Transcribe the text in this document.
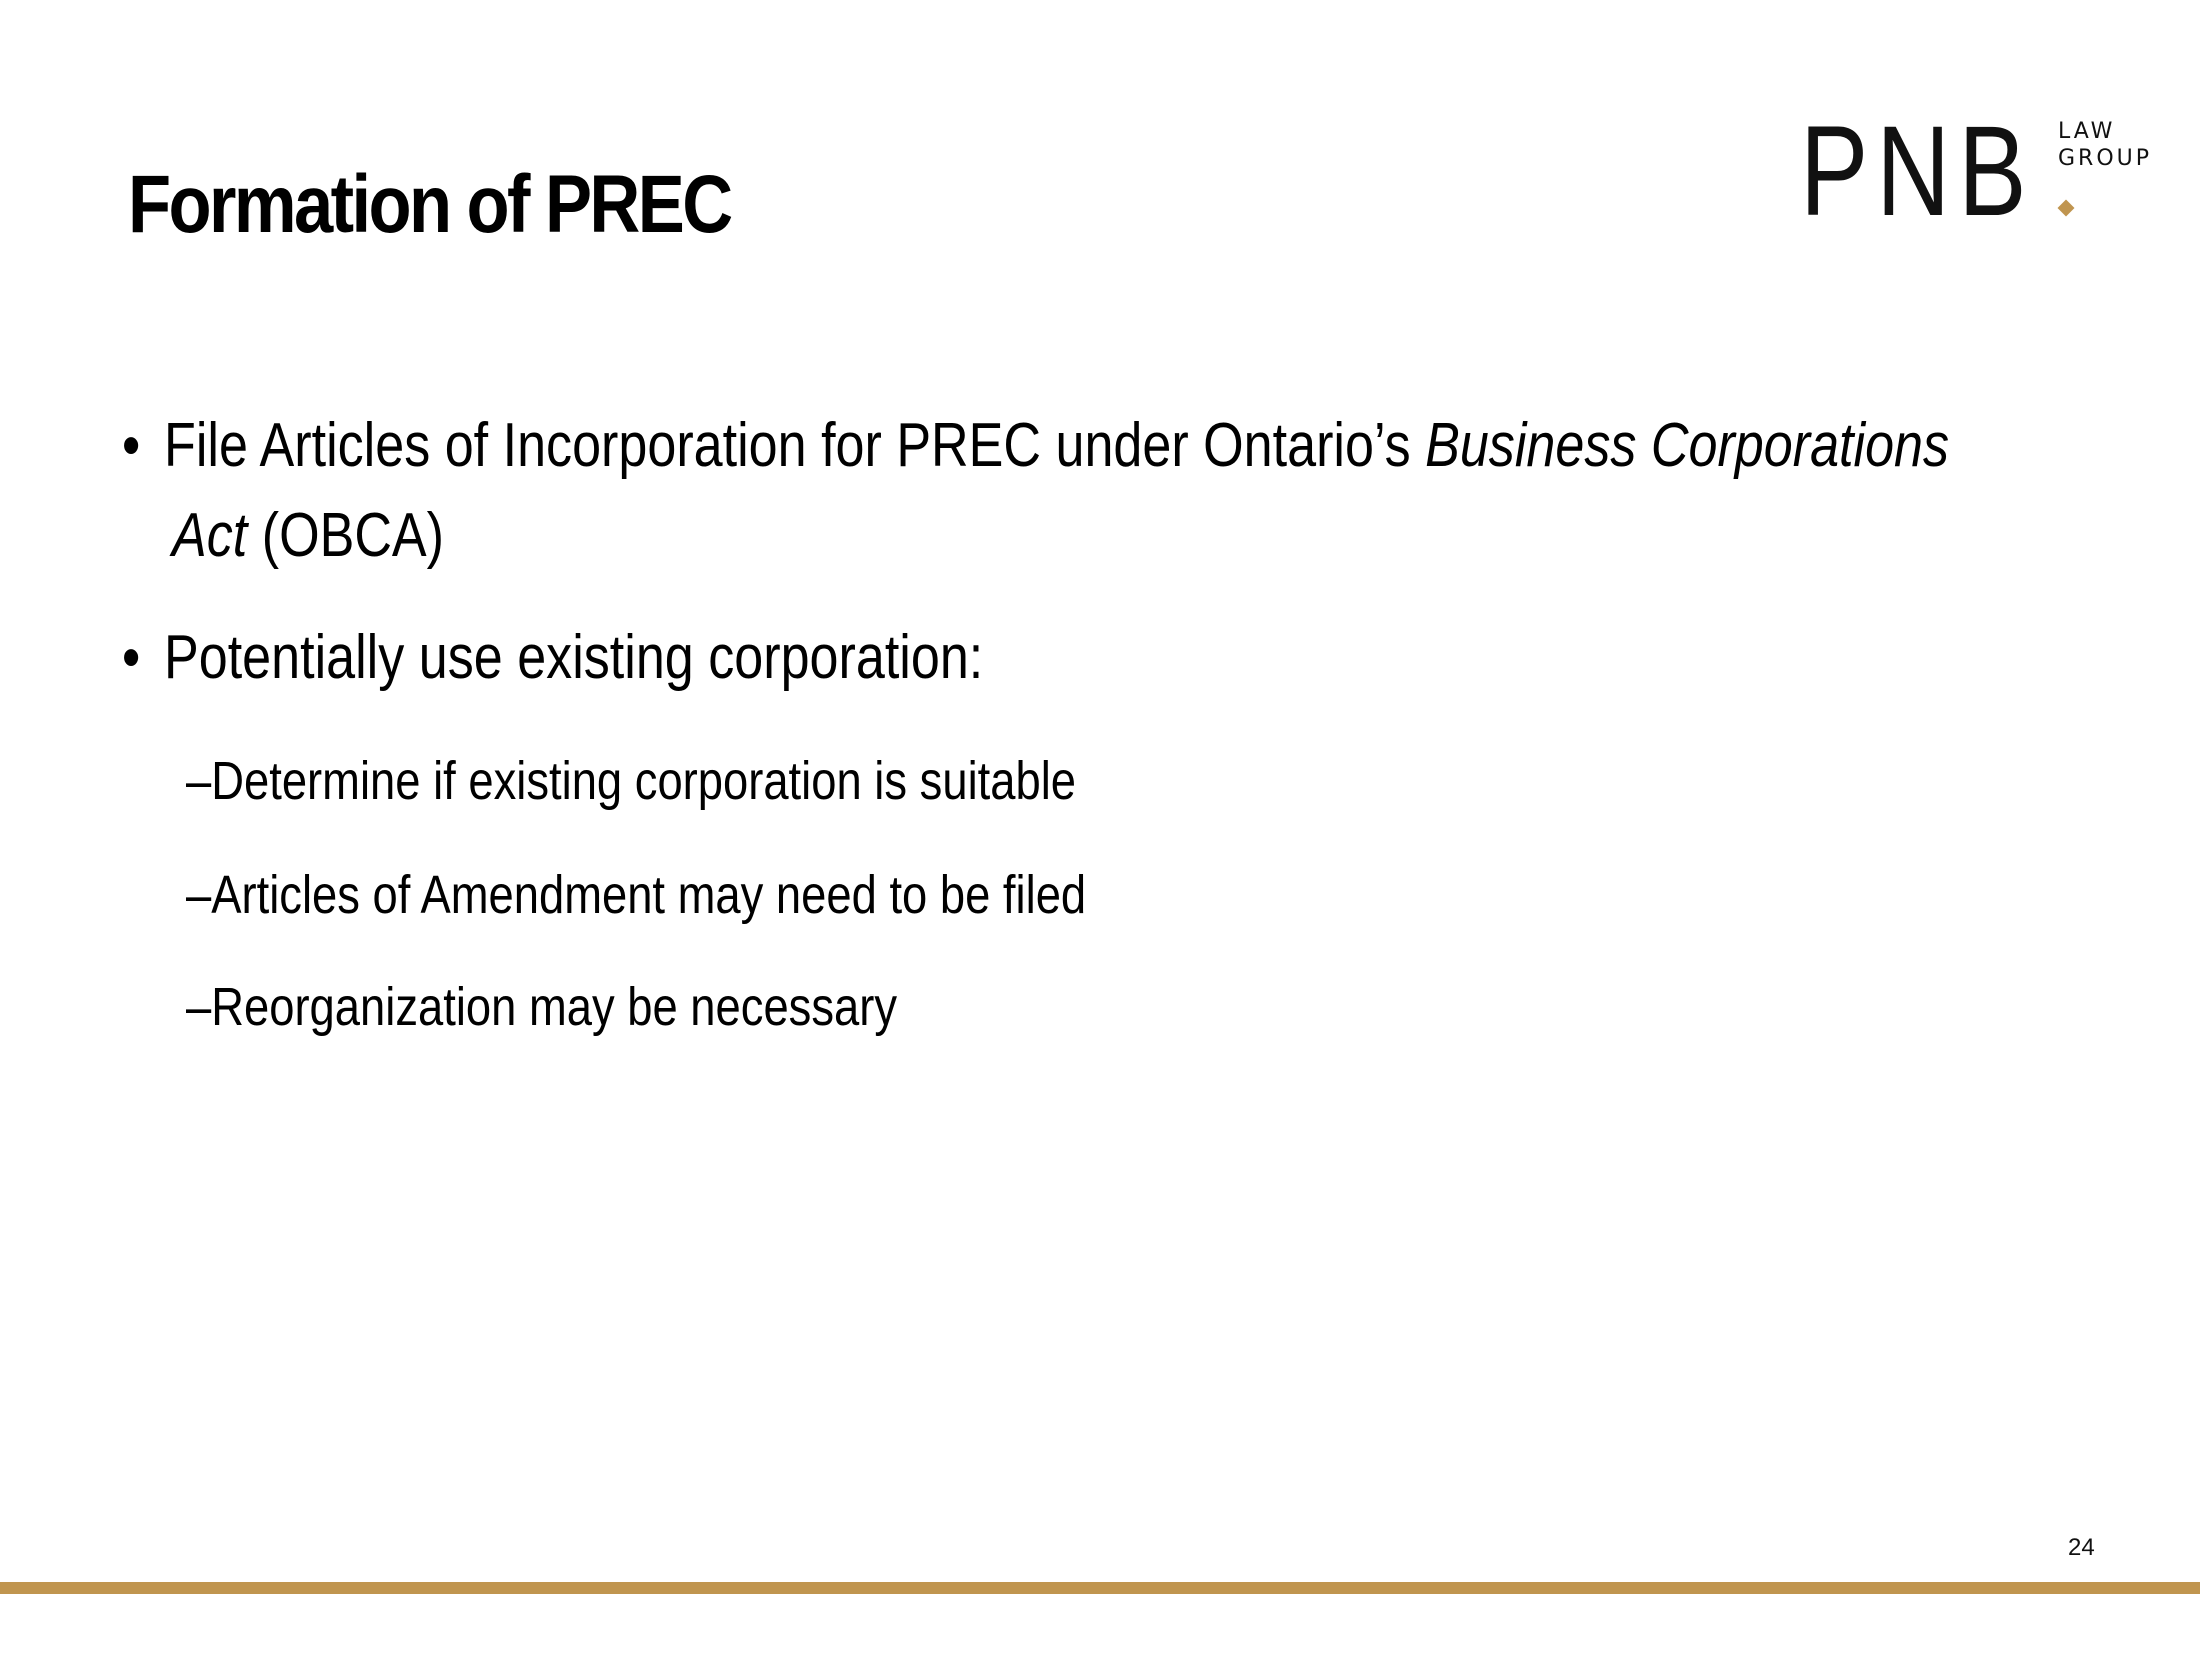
Formation of PREC	PNB LAW
GROUP
• File Articles of Incorporation for PREC under Ontario’s Business Corporations
Act (OBCA)
• Potentially use existing corporation:
–Determine if existing corporation is suitable
–Articles of Amendment may need to be filed
–Reorganization may be necessary
24
